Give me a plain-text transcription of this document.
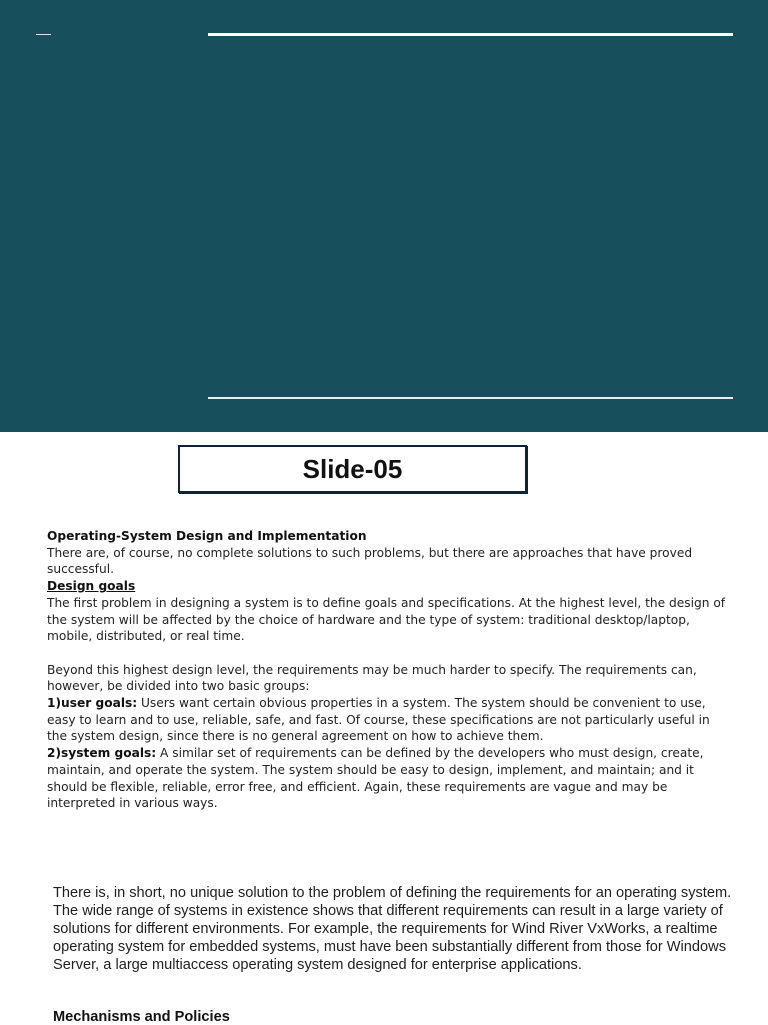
Slide-05

Operating-System Design and Implementation

There are, of course, no complete solutions to such problems, but there are approaches that have proved successful.

Design goals

The first problem in designing a system is to define goals and specifications. At the highest level, the design of the system will be affected by the choice of hardware and the type of system: traditional desktop/laptop, mobile, distributed, or real time.

Beyond this highest design level, the requirements may be much harder to specify. The requirements can, however, be divided into two basic groups:

1)user goals: Users want certain obvious properties in a system. The system should be convenient to use, easy to learn and to use, reliable, safe, and fast. Of course, these specifications are not particularly useful in the system design, since there is no general agreement on how to achieve them.

2)system goals: A similar set of requirements can be defined by the developers who must design, create, maintain, and operate the system. The system should be easy to design, implement, and maintain; and it should be flexible, reliable, error free, and efficient. Again, these requirements are vague and may be interpreted in various ways.

There is, in short, no unique solution to the problem of defining the requirements for an operating system. The wide range of systems in existence shows that different requirements can result in a large variety of solutions for different environments. For example, the requirements for Wind River VxWorks, a realtime operating system for embedded systems, must have been substantially different from those for Windows Server, a large multiaccess operating system designed for enterprise applications.

Mechanisms and Policies
